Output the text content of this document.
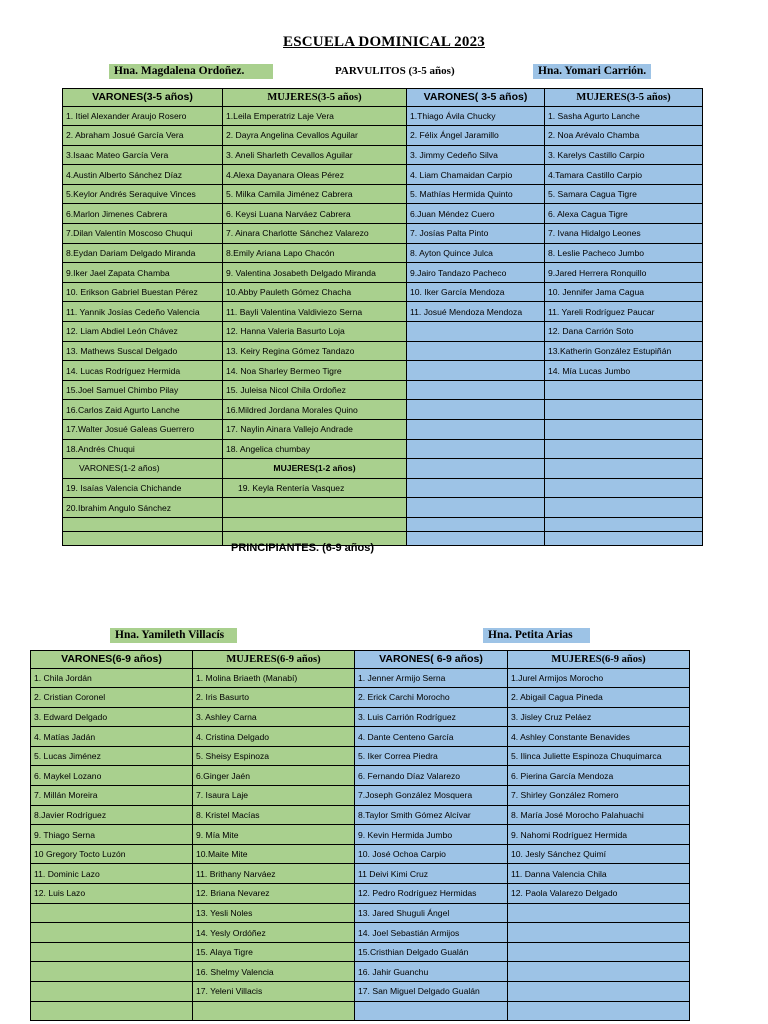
ESCUELA DOMINICAL 2023
Hna. Magdalena Ordoñez.	PARVULITOS (3-5 años)	Hna. Yomari Carrión.
VARONES(3-5 años)	MUJERES(3-5 años)	VARONES( 3-5 años)	MUJERES(3-5 años)
1. Itiel Alexander Araujo Rosero	1.Leila Emperatriz Laje Vera	1.Thiago Ávila Chucky	1. Sasha Agurto Lanche
2. Abraham Josué García Vera	2. Dayra Angelina Cevallos Aguilar	2. Félix Ángel Jaramillo	2. Noa Arévalo Chamba
3.Isaac Mateo García Vera	3. Aneli Sharleth Cevallos Aguilar	3. Jimmy Cedeño Silva	3. Karelys Castillo Carpio
4.Austin Alberto Sánchez Díaz	4.Alexa Dayanara Oleas Pérez	4. Liam Chamaidan Carpio	4.Tamara Castillo Carpio
5.Keylor Andrés Seraquive Vinces	5. Milka Camila Jiménez Cabrera	5. Mathías Hermida Quinto	5. Samara Cagua Tigre
6.Marlon Jimenes Cabrera	6. Keysi Luana Narváez Cabrera	6.Juan Méndez Cuero	6. Alexa Cagua Tigre
7.Dilan Valentín Moscoso Chuqui	7. Ainara Charlotte Sánchez Valarezo	7. Josías Palta Pinto	7. Ivana Hidalgo Leones
8.Eydan Dariam Delgado Miranda	8.Emily Ariana Lapo Chacón	8. Ayton Quince Julca	8. Leslie Pacheco Jumbo
9.Iker Jael Zapata Chamba	9. Valentina Josabeth Delgado Miranda	9.Jairo Tandazo Pacheco	9.Jared Herrera Ronquillo
10. Erikson Gabriel Buestan Pérez	10.Abby Pauleth Gómez Chacha	10. Iker García Mendoza	10. Jennifer Jama Cagua
11. Yannik Josías Cedeño Valencia	11. Bayli Valentina Valdiviezo Serna	11. Josué Mendoza Mendoza	11. Yareli Rodríguez Paucar
12. Liam Abdiel León Chávez	12. Hanna Valeria Basurto Loja		12. Dana Carrión Soto
13. Mathews Suscal Delgado	13. Keiry Regina Gómez Tandazo		13.Katherin González Estupiñán
14. Lucas Rodríguez Hermida	14. Noa Sharley Bermeo Tigre		14. Mía Lucas Jumbo
15.Joel Samuel Chimbo Pilay	15. Juleisa Nicol Chila Ordoñez		
16.Carlos Zaid Agurto Lanche	16.Mildred Jordana Morales Quino		
17.Walter Josué Galeas Guerrero	17. Naylin Ainara Vallejo Andrade		
18.Andrés Chuqui	18. Angelica chumbay		
VARONES(1-2 años)	MUJERES(1-2 años)		
19. Isaías Valencia Chichande	19. Keyla Rentería Vasquez		
20.Ibrahim Angulo Sánchez			

PRINCIPIANTES. (6-9 años)
Hna. Yamileth Villacís	Hna. Petita Arias
VARONES(6-9 años)	MUJERES(6-9 años)	VARONES( 6-9 años)	MUJERES(6-9 años)
1. Chila Jordán	1. Molina Briaeth (Manabí)	1. Jenner Armijo Serna	1.Jurel Armijos Morocho
2. Cristian Coronel	2. Iris Basurto	2. Erick Carchi Morocho	2. Abigail Cagua Pineda
3. Edward Delgado	3. Ashley Carna	3. Luis Carrión Rodríguez	3. Jisley Cruz Peláez
4. Matías Jadán	4. Cristina Delgado	4. Dante Centeno García	4. Ashley Constante Benavides
5. Lucas Jiménez	5. Sheisy Espinoza	5. Iker Correa Piedra	5. Ilinca Juliette Espinoza Chuquimarca
6. Maykel Lozano	6.Ginger Jaén	6. Fernando Díaz Valarezo	6. Pierina García Mendoza
7. Millán Moreira	7. Isaura Laje	7.Joseph González Mosquera	7. Shirley González Romero
8.Javier Rodríguez	8. Kristel Macías	8.Taylor Smith Gómez Alcívar	8. María José Morocho Palahuachi
9. Thiago Serna	9. Mía Mite	9. Kevin Hermida Jumbo	9. Nahomi Rodríguez Hermida
10 Gregory Tocto Luzón	10.Maite Mite	10. José Ochoa Carpio	10. Jesly Sánchez Quimí
11. Dominic Lazo	11. Brithany Narváez	11 Deivi Kimi Cruz	11. Danna Valencia Chila
12. Luis Lazo	12. Briana Nevarez	12. Pedro Rodríguez Hermidas	12. Paola Valarezo Delgado
	13. Yesli Noles	13. Jared Shuguli Ángel	
	14. Yesly Ordóñez	14. Joel Sebastián Armijos	
	15. Alaya Tigre	15.Cristhian Delgado Gualán	
	16. Shelmy Valencia	16. Jahir Guanchu	
	17. Yeleni Villacis	17. San Miguel Delgado Gualán	
